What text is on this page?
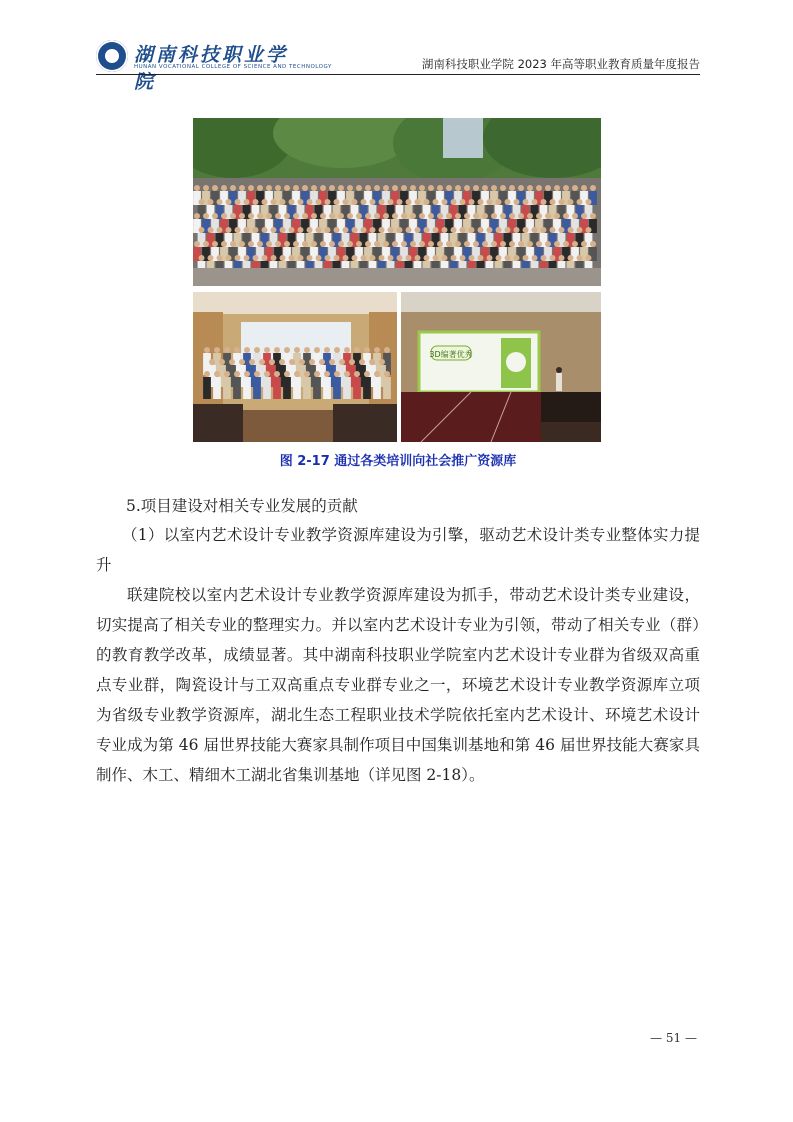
湖南科技职业学院
HUNAN VOCATIONAL COLLEGE OF SCIENCE AND TECHNOLOGY	湖南科技职业学院 2023 年高等职业教育质量年度报告
3D编著优秀
图 2-17 通过各类培训向社会推广资源库
5.项目建设对相关专业发展的贡献
（1）以室内艺术设计专业教学资源库建设为引擎，驱动艺术设计类专业整体实力提升
联建院校以室内艺术设计专业教学资源库建设为抓手，带动艺术设计类专业建设，切实提高了相关专业的整理实力。并以室内艺术设计专业为引领，带动了相关专业（群）的教育教学改革，成绩显著。其中湖南科技职业学院室内艺术设计专业群为省级双高重点专业群，陶瓷设计与工双高重点专业群专业之一，环境艺术设计专业教学资源库立项为省级专业教学资源库，湖北生态工程职业技术学院依托室内艺术设计、环境艺术设计专业成为第 46 届世界技能大赛家具制作项目中国集训基地和第 46 届世界技能大赛家具制作、木工、精细木工湖北省集训基地（详见图 2-18）。
— 51 —
